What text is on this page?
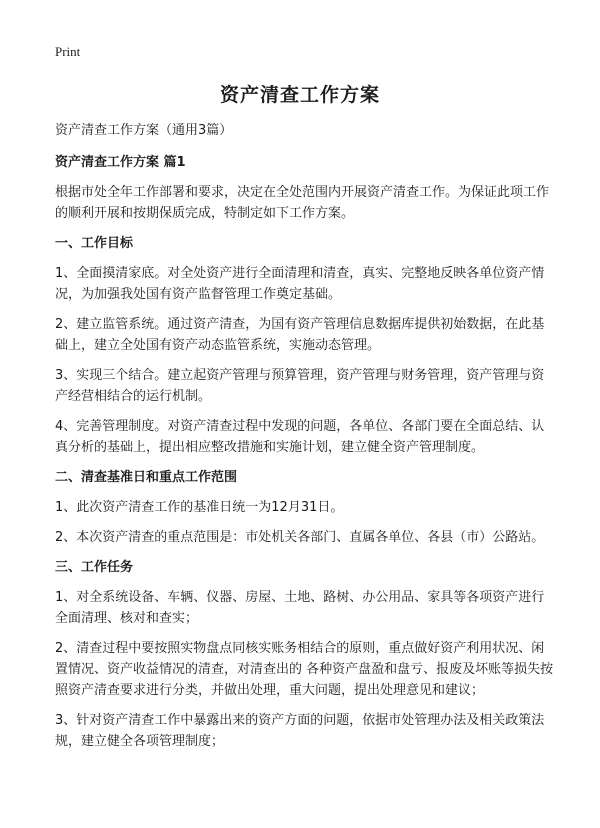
Print
资产清查工作方案

资产清查工作方案（通用3篇）

资产清查工作方案 篇1

根据市处全年工作部署和要求，决定在全处范围内开展资产清查工作。为保证此项工作的顺利开展和按期保质完成，特制定如下工作方案。

一、工作目标

1、全面摸清家底。对全处资产进行全面清理和清查，真实、完整地反映各单位资产情况，为加强我处国有资产监督管理工作奠定基础。

2、建立监管系统。通过资产清查，为国有资产管理信息数据库提供初始数据，在此基础上，建立全处国有资产动态监管系统，实施动态管理。

3、实现三个结合。建立起资产管理与预算管理，资产管理与财务管理，资产管理与资产经营相结合的运行机制。

4、完善管理制度。对资产清查过程中发现的问题，各单位、各部门要在全面总结、认真分析的基础上，提出相应整改措施和实施计划，建立健全资产管理制度。

二、清查基准日和重点工作范围

1、此次资产清查工作的基准日统一为12月31日。

2、本次资产清查的重点范围是：市处机关各部门、直属各单位、各县（市）公路站。

三、工作任务

1、对全系统设备、车辆、仪器、房屋、土地、路树、办公用品、家具等各项资产进行全面清理、核对和查实；

2、清查过程中要按照实物盘点同核实账务相结合的原则，重点做好资产利用状况、闲置情况、资产收益情况的清查，对清查出的 各种资产盘盈和盘亏、报废及坏账等损失按照资产清查要求进行分类，并做出处理，重大问题，提出处理意见和建议；

3、针对资产清查工作中暴露出来的资产方面的问题，依据市处管理办法及相关政策法规，建立健全各项管理制度；
